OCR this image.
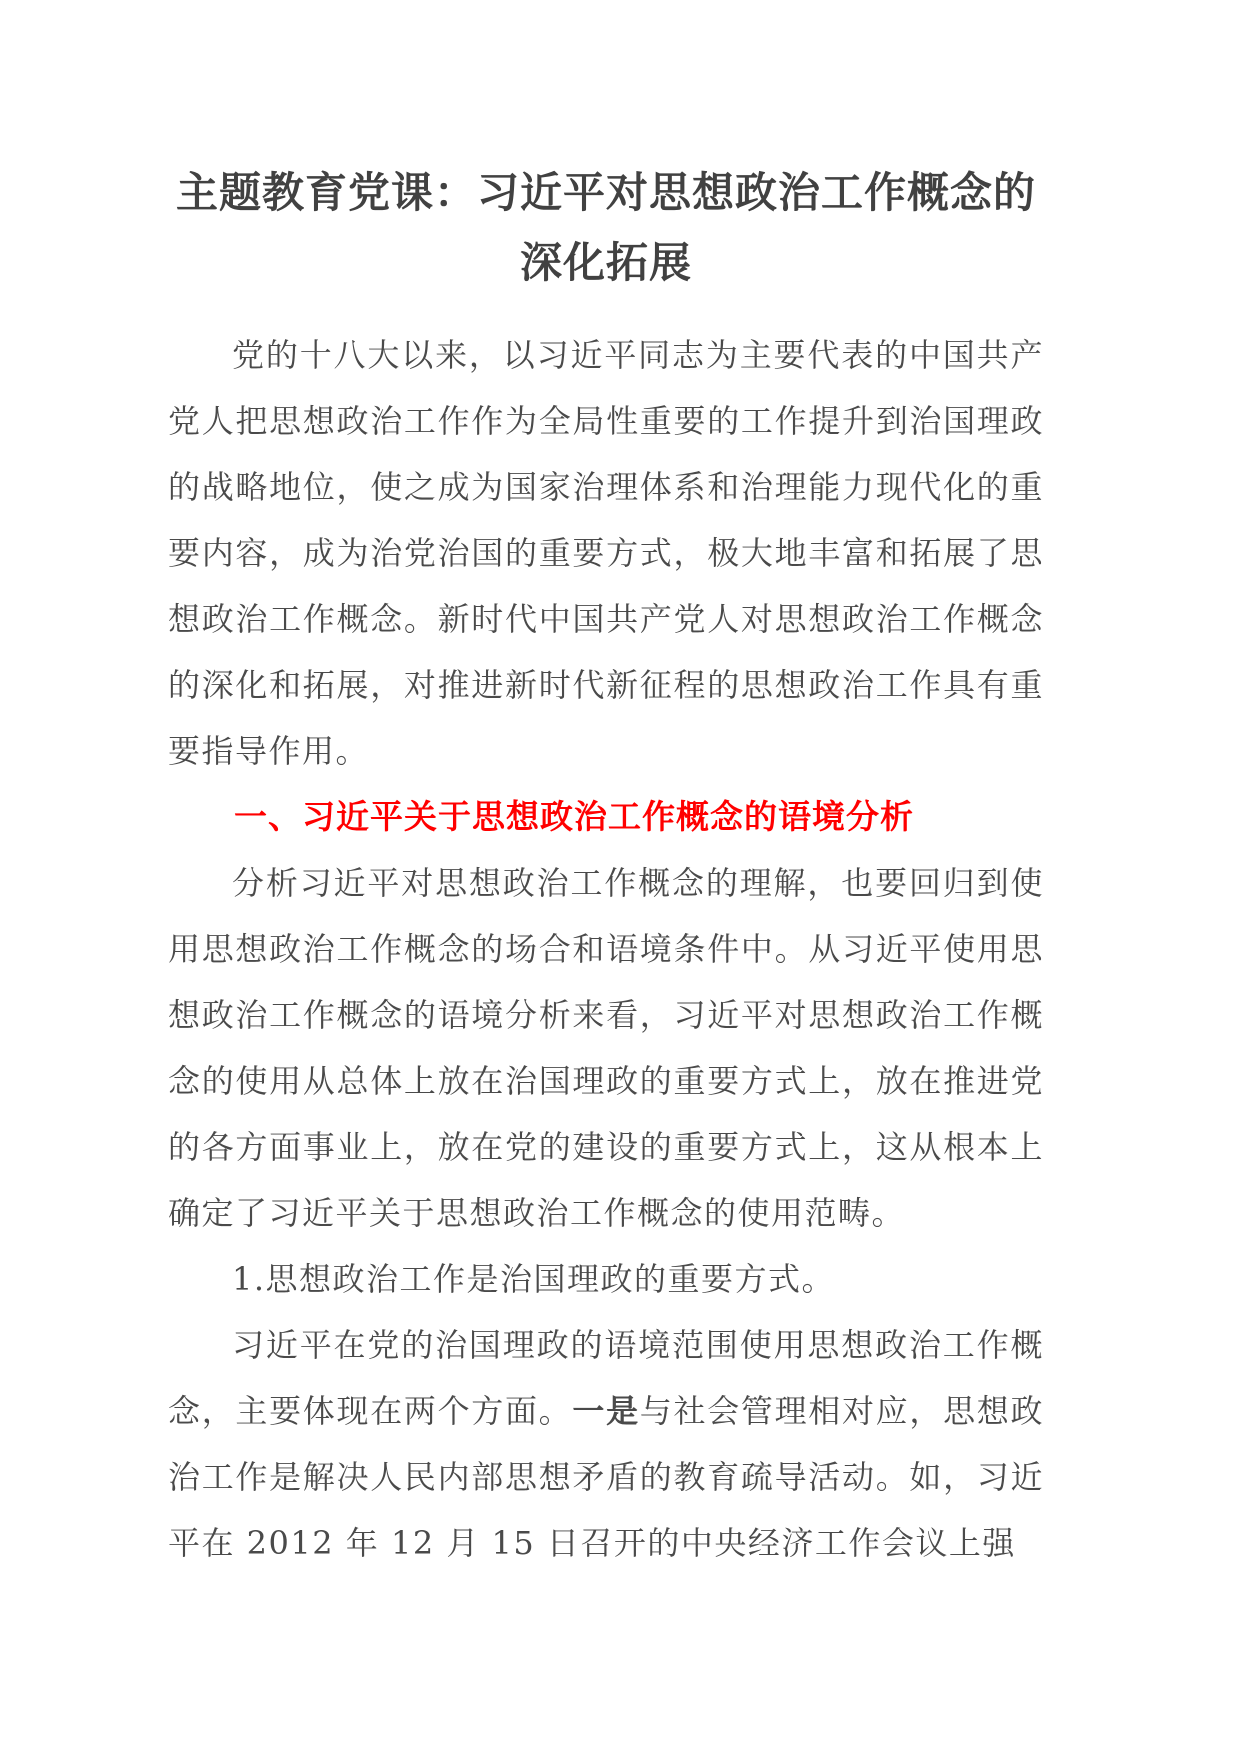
主题教育党课：习近平对思想政治工作概念的深化拓展

党的十八大以来，以习近平同志为主要代表的中国共产党人把思想政治工作作为全局性重要的工作提升到治国理政的战略地位，使之成为国家治理体系和治理能力现代化的重要内容，成为治党治国的重要方式，极大地丰富和拓展了思想政治工作概念。新时代中国共产党人对思想政治工作概念的深化和拓展，对推进新时代新征程的思想政治工作具有重要指导作用。

一、习近平关于思想政治工作概念的语境分析

分析习近平对思想政治工作概念的理解，也要回归到使用思想政治工作概念的场合和语境条件中。从习近平使用思想政治工作概念的语境分析来看，习近平对思想政治工作概念的使用从总体上放在治国理政的重要方式上，放在推进党的各方面事业上，放在党的建设的重要方式上，这从根本上确定了习近平关于思想政治工作概念的使用范畴。

1.思想政治工作是治国理政的重要方式。

习近平在党的治国理政的语境范围使用思想政治工作概念，主要体现在两个方面。一是与社会管理相对应，思想政治工作是解决人民内部思想矛盾的教育疏导活动。如，习近平在 2012 年 12 月 15 日召开的中央经济工作会议上强
